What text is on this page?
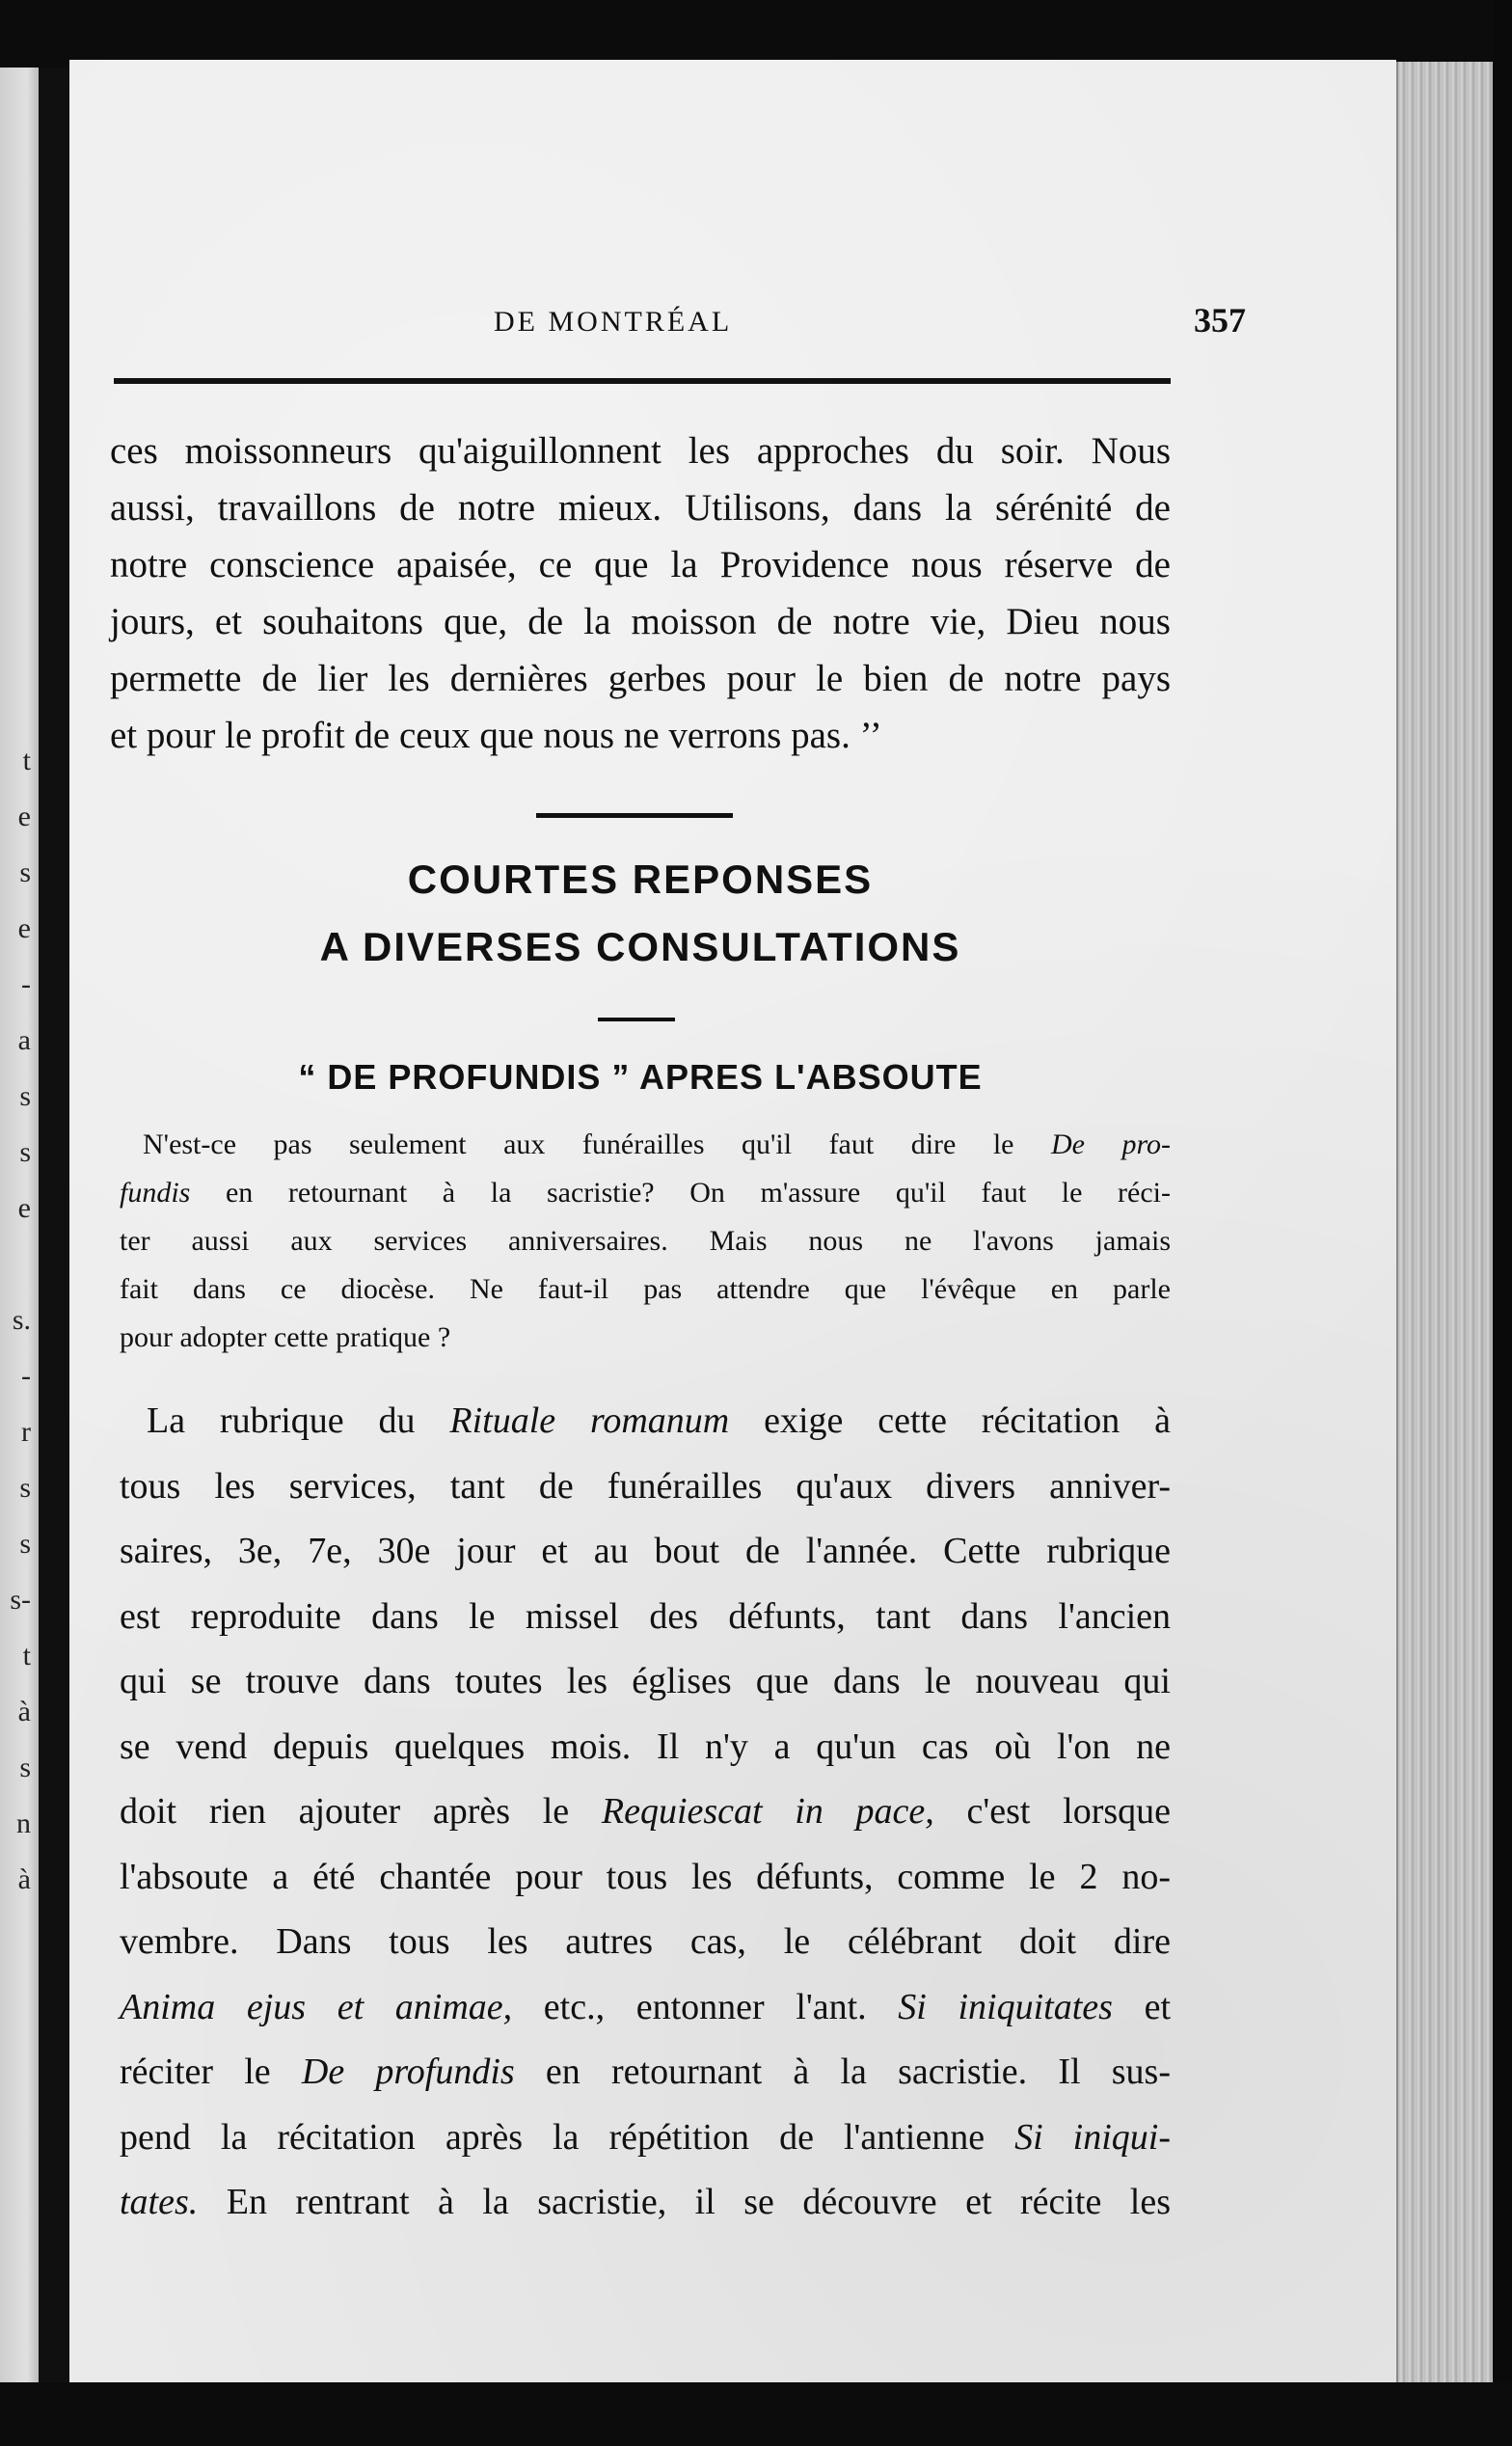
t
e
s
e
-
a
s
s
e
s.
-
r
s
s
s-
t
à
s
n
à
DE MONTRÉAL	357
ces moissonneurs qu'aiguillonnent les approches du soir. Nous
aussi, travaillons de notre mieux. Utilisons, dans la sérénité de
notre conscience apaisée, ce que la Providence nous réserve de
jours, et souhaitons que, de la moisson de notre vie, Dieu nous
permette de lier les dernières gerbes pour le bien de notre pays
et pour le profit de ceux que nous ne verrons pas. ’’
COURTES REPONSES
A DIVERSES CONSULTATIONS
“ DE PROFUNDIS ” APRES L'ABSOUTE
N'est-ce pas seulement aux funérailles qu'il faut dire le De pro-
fundis en retournant à la sacristie? On m'assure qu'il faut le réci-
ter aussi aux services anniversaires. Mais nous ne l'avons jamais
fait dans ce diocèse. Ne faut-il pas attendre que l'évêque en parle
pour adopter cette pratique ?
La rubrique du Rituale romanum exige cette récitation à
tous les services, tant de funérailles qu'aux divers anniver-
saires, 3e, 7e, 30e jour et au bout de l'année. Cette rubrique
est reproduite dans le missel des défunts, tant dans l'ancien
qui se trouve dans toutes les églises que dans le nouveau qui
se vend depuis quelques mois. Il n'y a qu'un cas où l'on ne
doit rien ajouter après le Requiescat in pace, c'est lorsque
l'absoute a été chantée pour tous les défunts, comme le 2 no-
vembre. Dans tous les autres cas, le célébrant doit dire
Anima ejus et animae, etc., entonner l'ant. Si iniquitates et
réciter le De profundis en retournant à la sacristie. Il sus-
pend la récitation après la répétition de l'antienne Si iniqui-
tates. En rentrant à la sacristie, il se découvre et récite les
